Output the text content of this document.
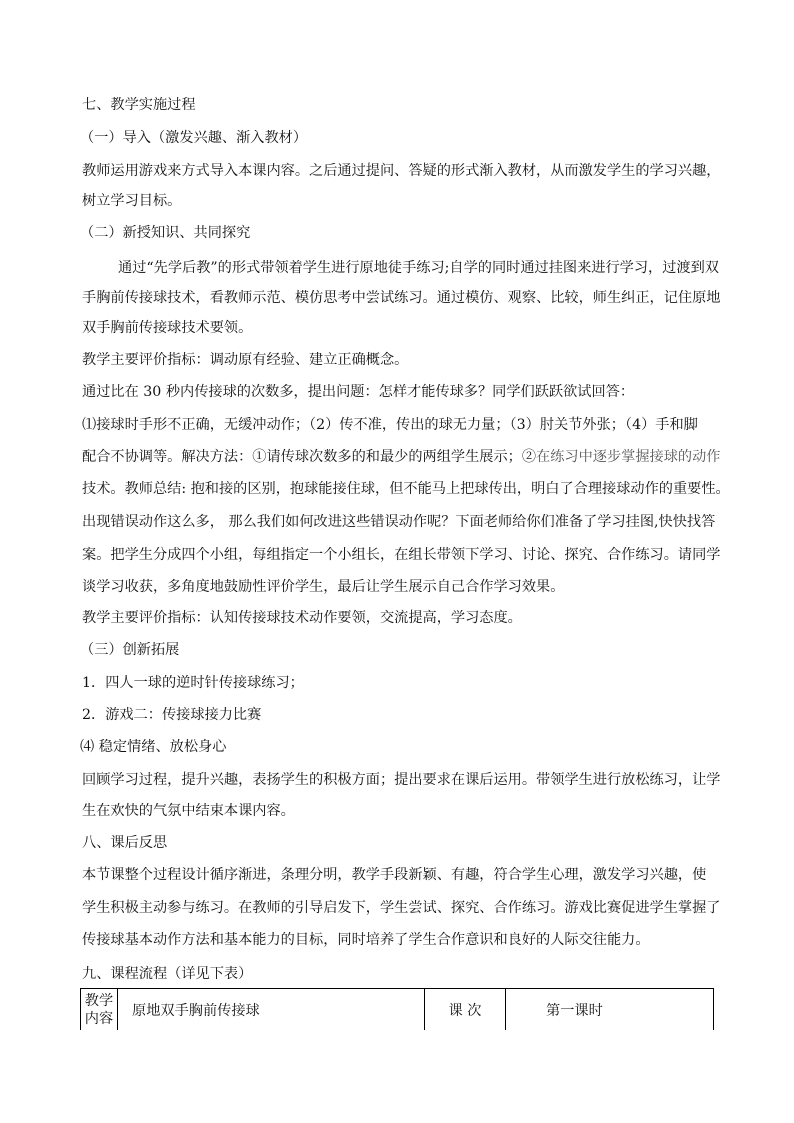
七、教学实施过程
（一）导入（激发兴趣、渐入教材）
教师运用游戏来方式导入本课内容。之后通过提问、答疑的形式渐入教材，从而激发学生的学习兴趣，
树立学习目标。
（二）新授知识、共同探究
通过“先学后教”的形式带领着学生进行原地徒手练习;自学的同时通过挂图来进行学习，过渡到双
手胸前传接球技术，看教师示范、模仿思考中尝试练习。通过模仿、观察、比较，师生纠正，记住原地
双手胸前传接球技术要领。
教学主要评价指标：调动原有经验、建立正确概念。
通过比在 30 秒内传接球的次数多，提出问题：怎样才能传球多？同学们跃跃欲试回答：
⑴接球时手形不正确，无缓冲动作；（2）传不准，传出的球无力量；（3）肘关节外张；（4）手和脚
配合不协调等。解决方法：①请传球次数多的和最少的两组学生展示；②在练习中逐步掌握接球的动作
技术。教师总结: 抱和接的区别，抱球能接住球，但不能马上把球传出，明白了合理接球动作的重要性。
出现错误动作这么多， 那么我们如何改进这些错误动作呢？下面老师给你们准备了学习挂图,快快找答
案。把学生分成四个小组，每组指定一个小组长，在组长带领下学习、讨论、探究、合作练习。请同学
谈学习收获，多角度地鼓励性评价学生，最后让学生展示自己合作学习效果。
教学主要评价指标：认知传接球技术动作要领，交流提高，学习态度。
（三）创新拓展
1．四人一球的逆时针传接球练习；
2．游戏二：传接球接力比赛
⑷ 稳定情绪、放松身心
回顾学习过程，提升兴趣，表扬学生的积极方面；提出要求在课后运用。带领学生进行放松练习，让学
生在欢快的气氛中结束本课内容。
八、课后反思
本节课整个过程设计循序渐进，条理分明，教学手段新颖、有趣，符合学生心理，激发学习兴趣，使
学生积极主动参与练习。在教师的引导启发下，学生尝试、探究、合作练习。游戏比赛促进学生掌握了
传接球基本动作方法和基本能力的目标，同时培养了学生合作意识和良好的人际交往能力。
九、课程流程（详见下表）
教学
内容	原地双手胸前传接球	课 次	第一课时
